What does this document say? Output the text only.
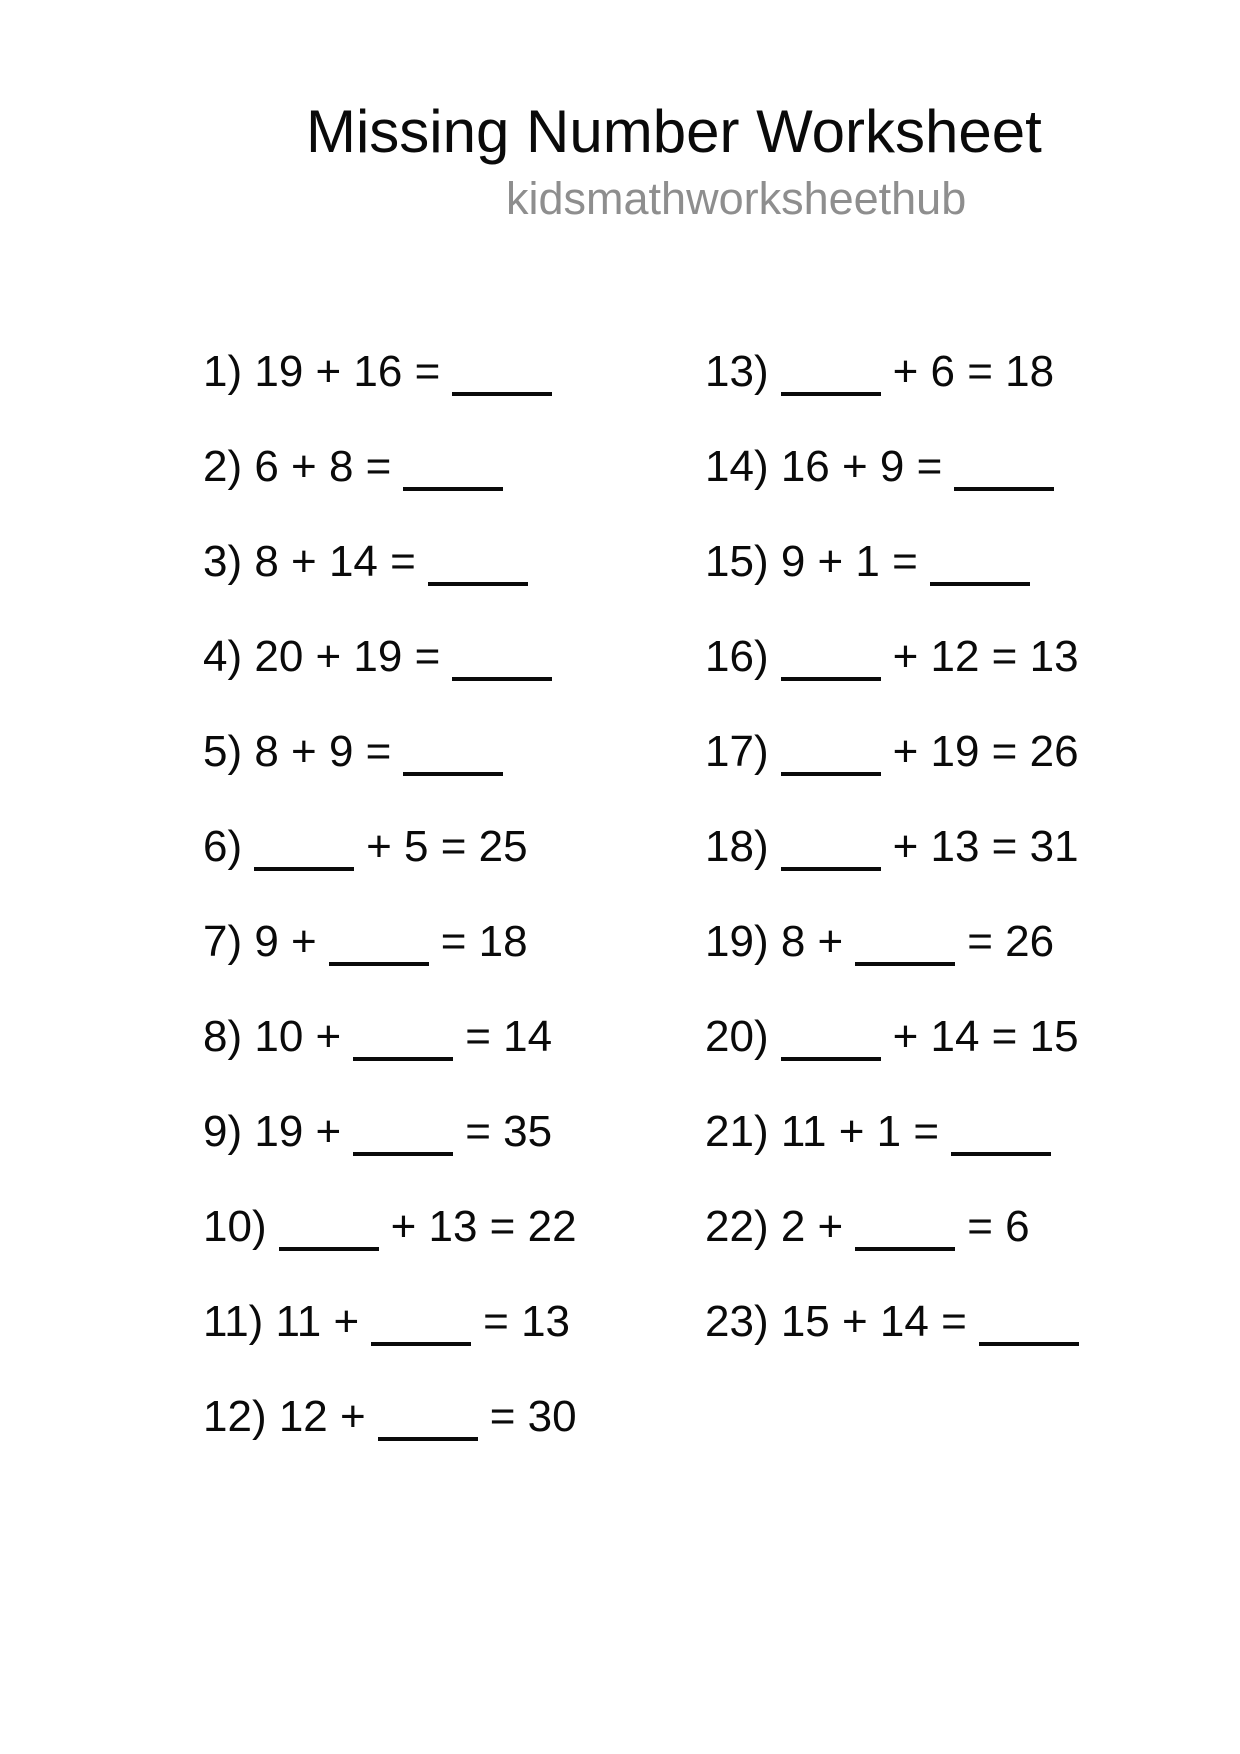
Missing Number Worksheet
kidsmathworksheethub
1) 19 + 16 =
2) 6 + 8 =
3) 8 + 14 =
4) 20 + 19 =
5) 8 + 9 =
6)	+ 5 = 25
7) 9 +	= 18
8) 10 +	= 14
9) 19 +	= 35
10)	+ 13 = 22
11) 11 +	= 13
12) 12 +	= 30
13)	+ 6 = 18
14) 16 + 9 =
15) 9 + 1 =
16)	+ 12 = 13
17)	+ 19 = 26
18)	+ 13 = 31
19) 8 +	= 26
20)	+ 14 = 15
21) 11 + 1 =
22) 2 +	= 6
23) 15 + 14 =
